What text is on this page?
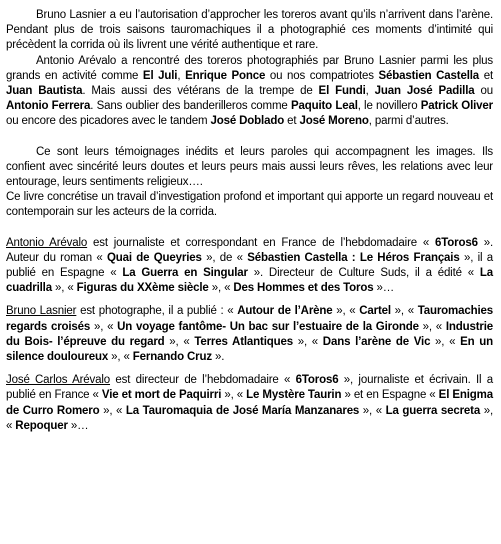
Bruno Lasnier a eu l’autorisation d’approcher les toreros avant qu’ils n’arrivent dans l’arène. Pendant plus de trois saisons tauromachiques il a photographié ces moments d’intimité qui précèdent la corrida où ils livrent une vérité authentique et rare.

Antonio Arévalo a rencontré des toreros photographiés par Bruno Lasnier parmi les plus grands en activité comme El Juli, Enrique Ponce ou nos compatriotes Sébastien Castella et Juan Bautista. Mais aussi des vétérans de la trempe de El Fundi, Juan José Padilla ou Antonio Ferrera. Sans oublier des banderilleros comme Paquito Leal, le novillero Patrick Oliver ou encore des picadores avec le tandem José Doblado et José Moreno, parmi d’autres.

Ce sont leurs témoignages inédits et leurs paroles qui accompagnent les images. Ils confient avec sincérité leurs doutes et leurs peurs mais aussi leurs rêves, les relations avec leur entourage, leurs sentiments religieux….

Ce livre concrétise un travail d’investigation profond et important qui apporte un regard nouveau et contemporain sur les acteurs de la corrida.

Antonio Arévalo est journaliste et correspondant en France de l’hebdomadaire « 6Toros6 ». Auteur du roman « Quai de Queyries », de « Sébastien Castella : Le Héros Français », il a publié en Espagne « La Guerra en Singular ». Directeur de Culture Suds, il a édité « La cuadrilla », « Figuras du XXème siècle », « Des Hommes et des Toros »…

Bruno Lasnier est photographe, il a publié : « Autour de l’Arène », « Cartel », « Tauromachies regards croisés », « Un voyage fantôme- Un bac sur l’estuaire de la Gironde », « Industrie du Bois- l’épreuve du regard », « Terres Atlantiques », « Dans l’arène de Vic », « En un silence douloureux », « Fernando Cruz ».

José Carlos Arévalo est directeur de l’hebdomadaire « 6Toros6 », journaliste et écrivain. Il a publié en France « Vie et mort de Paquirri », « Le Mystère Taurin » et en Espagne « El Enigma de Curro Romero », « La Tauromaquia de José María Manzanares », « La guerra secreta », « Repoquer »…
